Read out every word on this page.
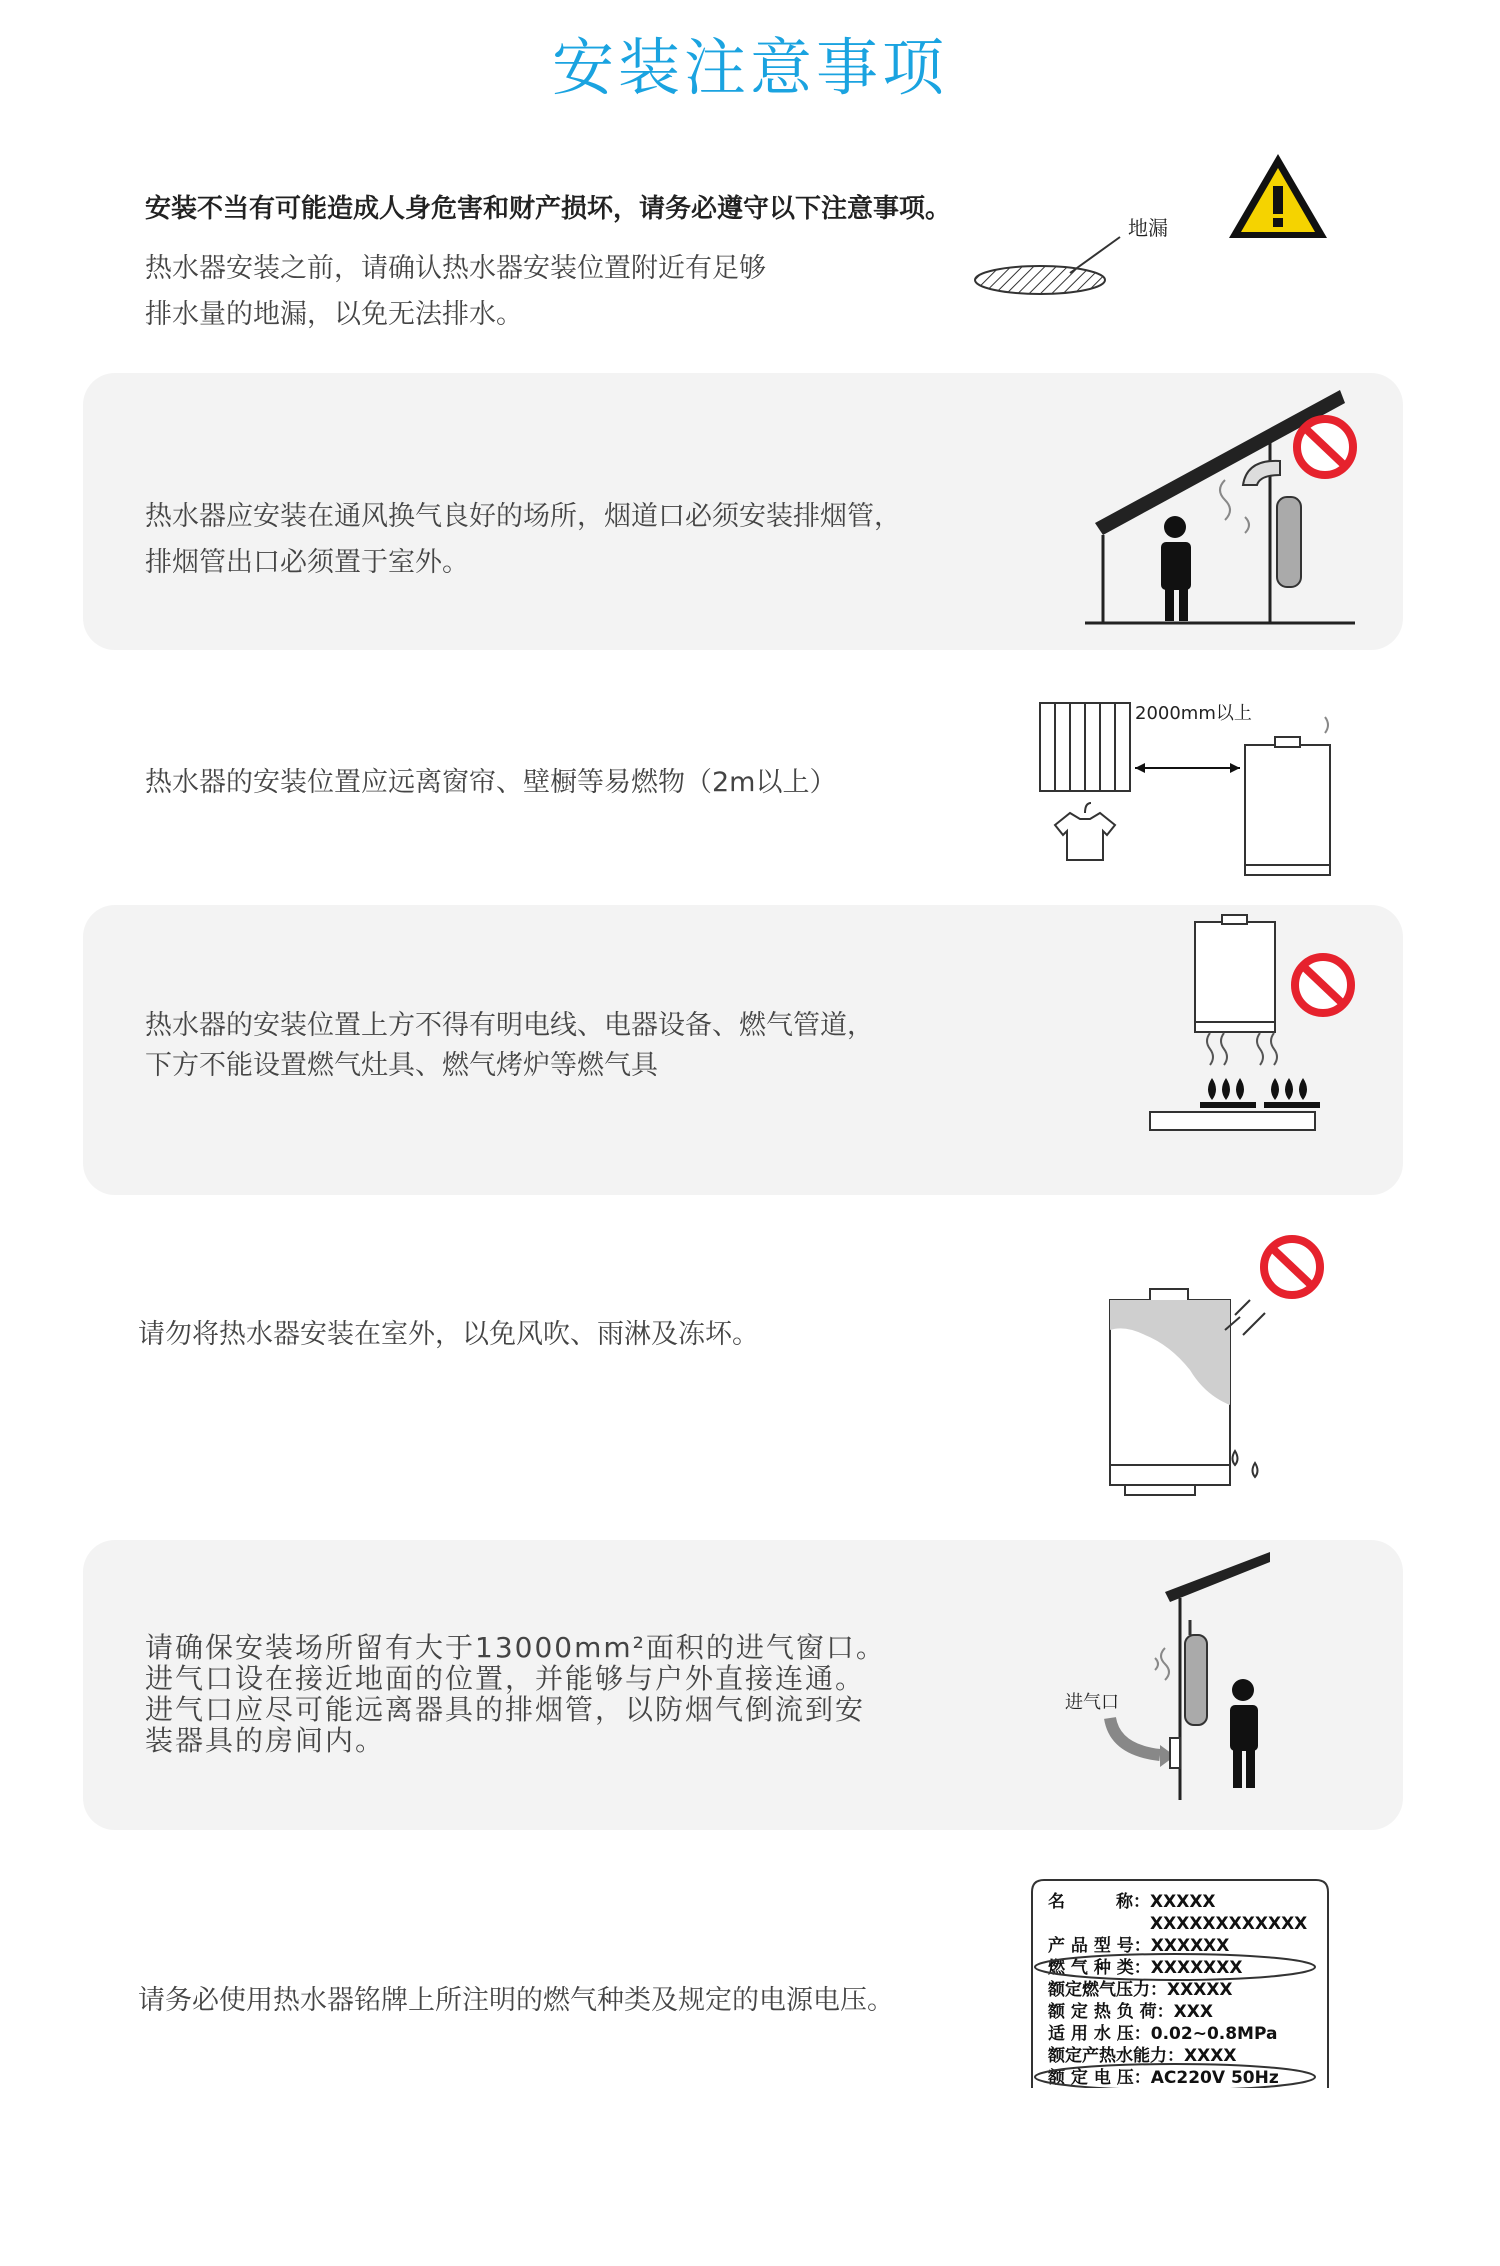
安装注意事项
安装不当有可能造成人身危害和财产损坏，请务必遵守以下注意事项。
热水器安装之前，请确认热水器安装位置附近有足够
排水量的地漏，以免无法排水。
地漏
热水器应安装在通风换气良好的场所，烟道口必须安装排烟管，
排烟管出口必须置于室外。
热水器的安装位置应远离窗帘、壁橱等易燃物（2m以上）
2000mm以上
热水器的安装位置上方不得有明电线、电器设备、燃气管道，
下方不能设置燃气灶具、燃气烤炉等燃气具
请勿将热水器安装在室外，以免风吹、雨淋及冻坏。
请确保安装场所留有大于13000mm²面积的进气窗口。
进气口设在接近地面的位置，并能够与户外直接连通。
进气口应尽可能远离器具的排烟管，以防烟气倒流到安
装器具的房间内。
进气口
请务必使用热水器铭牌上所注明的燃气种类及规定的电源电压。
名　　　称：XXXXX
　　　　　　XXXXXXXXXXXX
产 品 型 号：XXXXXX
燃 气 种 类：XXXXXXX
额定燃气压力：XXXXX
额 定 热 负 荷：XXX
适 用 水 压：0.02~0.8MPa
额定产热水能力：XXXX
额 定 电 压：AC220V 50Hz
